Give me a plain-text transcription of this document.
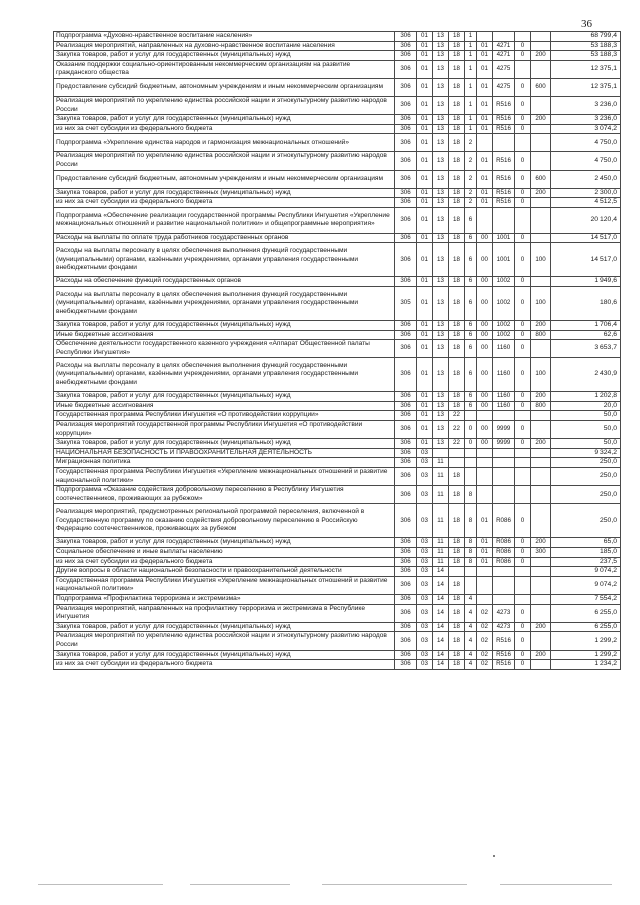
36
Подпрограмма «Духовно-нравственное воспитание населения»	306	01	13	18	1					68 799,4
Реализация мероприятий, направленных на духовно-нравственное воспитание населения	306	01	13	18	1	01	4271	0		53 188,3
Закупка товаров, работ и услуг для государственных (муниципальных) нужд	306	01	13	18	1	01	4271	0	200	53 188,3
Оказание поддержки социально-ориентированным некоммерческим организациям на развитие гражданского общества	306	01	13	18	1	01	4275			12 375,1
Предоставление субсидий бюджетным, автономным учреждениям и иным некоммерческим организациям	306	01	13	18	1	01	4275	0	600	12 375,1
Реализация мероприятий по укреплению единства российской нации и этнокультурному развитию народов России	306	01	13	18	1	01	R516	0		3 236,0
Закупка товаров, работ и услуг для государственных (муниципальных) нужд	306	01	13	18	1	01	R516	0	200	3 236,0
из них за счет субсидии из федерального бюджета	306	01	13	18	1	01	R516	0		3 074,2
Подпрограмма «Укрепление единства народов и гармонизация межнациональных отношений»	306	01	13	18	2					4 750,0
Реализация мероприятий по укреплению единства российской нации и этнокультурному развитию народов России	306	01	13	18	2	01	R516	0		4 750,0
Предоставление субсидий бюджетным, автономным учреждениям и иным некоммерческим организациям	306	01	13	18	2	01	R516	0	600	2 450,0
Закупка товаров, работ и услуг для государственных (муниципальных) нужд	306	01	13	18	2	01	R516	0	200	2 300,0
из них за счет субсидии из федерального бюджета	306	01	13	18	2	01	R516	0		4 512,5
Подпрограмма «Обеспечение реализации государственной программы Республики Ингушетия «Укрепление межнациональных отношений и развитие национальной политики» и общепрограммные мероприятия»	306	01	13	18	6					20 120,4
Расходы на выплаты по оплате труда работников государственных органов	306	01	13	18	6	00	1001	0		14 517,0
Расходы на выплаты персоналу в целях обеспечения выполнения функций государственными (муниципальными) органами, казёнными учреждениями, органами управления государственными внебюджетными фондами	306	01	13	18	6	00	1001	0	100	14 517,0
Расходы на обеспечение функций государственных органов	306	01	13	18	6	00	1002	0		1 949,6
Расходы на выплаты персоналу в целях обеспечения выполнения функций государственными (муниципальными) органами, казёнными учреждениями, органами управления государственными внебюджетными фондами	305	01	13	18	6	00	1002	0	100	180,6
Закупка товаров, работ и услуг для государственных (муниципальных) нужд	306	01	13	18	6	00	1002	0	200	1 706,4
Иные бюджетные ассигнования	306	01	13	18	6	00	1002	0	800	62,6
Обеспечение деятельности государственного казенного учреждения «Аппарат Общественной палаты Республики Ингушетия»	306	01	13	18	6	00	1160	0		3 653,7
Расходы на выплаты персоналу в целях обеспечения выполнения функций государственными (муниципальными) органами, казёнными учреждениями, органами управления государственными внебюджетными фондами	306	01	13	18	6	00	1160	0	100	2 430,9
Закупка товаров, работ и услуг для государственных (муниципальных) нужд	306	01	13	18	6	00	1160	0	200	1 202,8
Иные бюджетные ассигнования	306	01	13	18	6	00	1160	0	800	20,0
Государственная программа Республики Ингушетия «О противодействии коррупции»	306	01	13	22						50,0
Реализация мероприятий государственной программы Республики Ингушетия «О противодействии коррупции»	306	01	13	22	0	00	9999	0		50,0
Закупка товаров, работ и услуг для государственных (муниципальных) нужд	306	01	13	22	0	00	9999	0	200	50,0
НАЦИОНАЛЬНАЯ БЕЗОПАСНОСТЬ И ПРАВООХРАНИТЕЛЬНАЯ ДЕЯТЕЛЬНОСТЬ	306	03								9 324,2
Миграционная политика	306	03	11							250,0
Государственная программа Республики Ингушетия «Укрепление межнациональных отношений и развитие национальной политики»	306	03	11	18						250,0
Подпрограмма «Оказание содействия добровольному переселению в Республику Ингушетия соотечественников, проживающих за рубежом»	306	03	11	18	8					250,0
Реализация мероприятий, предусмотренных региональной программой переселения, включенной в Государственную программу по оказанию содействия добровольному переселению в Российскую Федерацию соотечественников, проживающих за рубежом	306	03	11	18	8	01	R086	0		250,0
Закупка товаров, работ и услуг для государственных (муниципальных) нужд	306	03	11	18	8	01	R086	0	200	65,0
Социальное обеспечение и иные выплаты населению	306	03	11	18	8	01	R086	0	300	185,0
из них за счет субсидии из федерального бюджета	306	03	11	18	8	01	R086	0		237,5
Другие вопросы в области национальной безопасности и правоохранительной деятельности	306	03	14							9 074,2
Государственная программа Республики Ингушетия «Укрепление межнациональных отношений и развитие национальной политики»	306	03	14	18						9 074,2
Подпрограмма «Профилактика терроризма и экстремизма»	306	03	14	18	4					7 554,2
Реализация мероприятий, направленных на профилактику терроризма и экстремизма в Республике Ингушетия	306	03	14	18	4	02	4273	0		6 255,0
Закупка товаров, работ и услуг для государственных (муниципальных) нужд	306	03	14	18	4	02	4273	0	200	6 255,0
Реализация мероприятий по укреплению единства российской нации и этнокультурному развитию народов России	306	03	14	18	4	02	R516	0		1 299,2
Закупка товаров, работ и услуг для государственных (муниципальных) нужд	306	03	14	18	4	02	R516	0	200	1 299,2
из них за счет субсидии из федерального бюджета	306	03	14	18	4	02	R516	0		1 234,2
